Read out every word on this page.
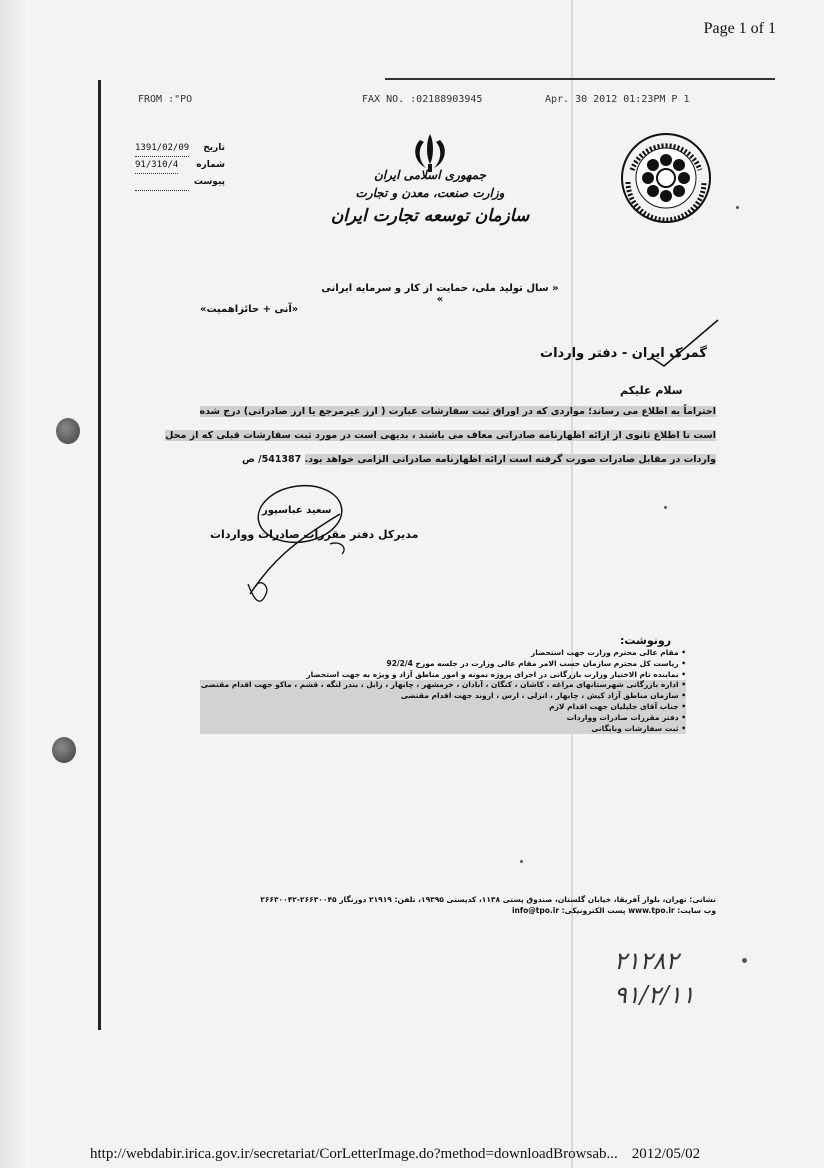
Page 1 of 1
FROM :"PO	FAX NO. :02188903945	Apr. 30 2012 01:23PM P 1
تاریخ
1391/02/09
شماره
91/310/4
پیوست
	جمهوری اسلامی ایران
وزارت صنعت، معدن و تجارت
سازمان توسعه تجارت ایران
« سال تولید ملی، حمایت از کار و سرمایه ایرانی »
«آنی + حائزاهمیت»
گمرک ایران - دفتر واردات
سلام علیکم
احتراماً به اطلاع می رساند؛ مواردی که در اوراق ثبت سفارشات عبارت ( ارز غیرمرجع یا ارز صادراتی) درج شده
است تا اطلاع ثانوی از ارائه اظهارنامه صادراتی معاف می باشند ، بدیهی است در مورد ثبت سفارشات قبلی که از محل
واردات در مقابل صادرات صورت گرفته است ارائه اظهارنامه صادراتی الزامی خواهد بود. 541387/ ص
سعید عباسپور
مدیرکل دفتر مقررات صادرات وواردات
رونوشت:
• مقام عالی محترم وزارت جهت استحضار
• ریاست کل محترم سازمان حسب الامر مقام عالی وزارت در جلسه مورخ 92/2/4
• نماینده تام الاختیار وزارت بازرگانی در اجرای پروژه نمونه و امور مناطق آزاد و ویژه به جهت استحضار
• اداره بازرگانی شهرستانهای مراغه ، کاشان ، کنگان ، آبادان ، خرمشهر ، چابهار ، زابل ، بندر لنگه ، قشم ، ماکو جهت اقدام مقتضی
• سازمان مناطق آزاد کیش ، چابهار ، انزلی ، ارس ، اروند جهت اقدام مقتضی
• جناب آقای جلیلیان جهت اقدام لازم
• دفتر مقررات صادرات وواردات
• ثبت سفارشات وبایگانی
نشانی: تهران، بلوار آفریقا، خیابان گلستان، صندوق پستی ۱۱۳۸، کدپستی ۱۹۳۹۵، تلفن: ۲۱۹۱۹ دورنگار ۲۶۶۳۰۰۴۵-۲۶۶۳۰۰۴۲
وب سایت: www.tpo.ir پست الکترونیکی: info@tpo.ir
۲۱۲۸۲
۹۱/۲/۱۱
http://webdabir.irica.gov.ir/secretariat/CorLetterImage.do?method=downloadBrowsab... 2012/05/02
